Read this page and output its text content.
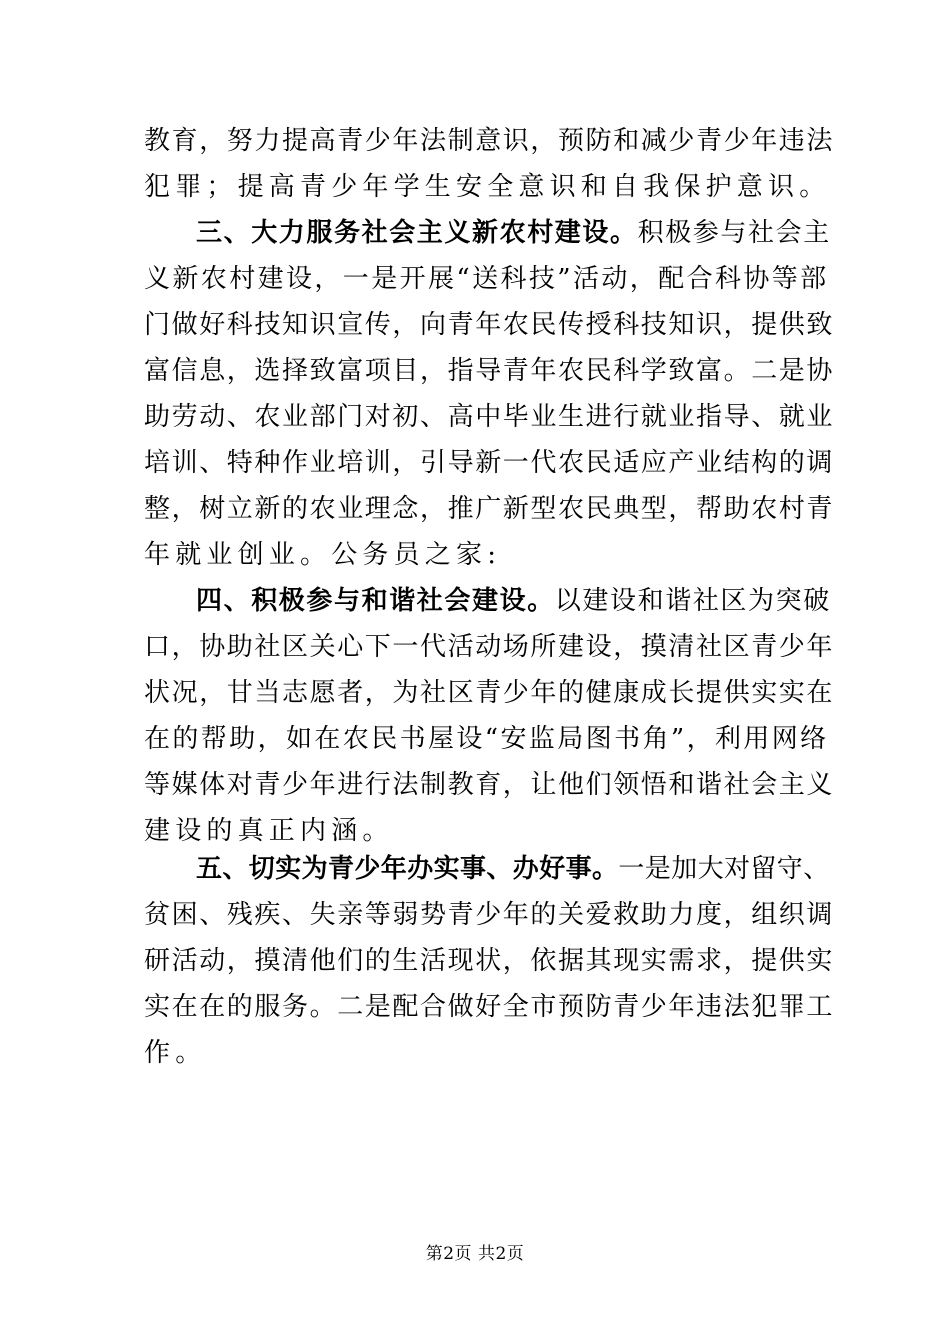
教育，努力提高青少年法制意识，预防和减少青少年违法
犯罪；提高青少年学生安全意识和自我保护意识。
三、大力服务社会主义新农村建设。积极参与社会主
义新农村建设，一是开展“送科技”活动，配合科协等部
门做好科技知识宣传，向青年农民传授科技知识，提供致
富信息，选择致富项目，指导青年农民科学致富。二是协
助劳动、农业部门对初、高中毕业生进行就业指导、就业
培训、特种作业培训，引导新一代农民适应产业结构的调
整，树立新的农业理念，推广新型农民典型，帮助农村青
年就业创业。公务员之家:
四、积极参与和谐社会建设。以建设和谐社区为突破
口，协助社区关心下一代活动场所建设，摸清社区青少年
状况，甘当志愿者，为社区青少年的健康成长提供实实在
在的帮助，如在农民书屋设“安监局图书角”，利用网络
等媒体对青少年进行法制教育，让他们领悟和谐社会主义
建设的真正内涵。
五、切实为青少年办实事、办好事。一是加大对留守、
贫困、残疾、失亲等弱势青少年的关爱救助力度，组织调
研活动，摸清他们的生活现状，依据其现实需求，提供实
实在在的服务。二是配合做好全市预防青少年违法犯罪工
作。
第2页 共2页
